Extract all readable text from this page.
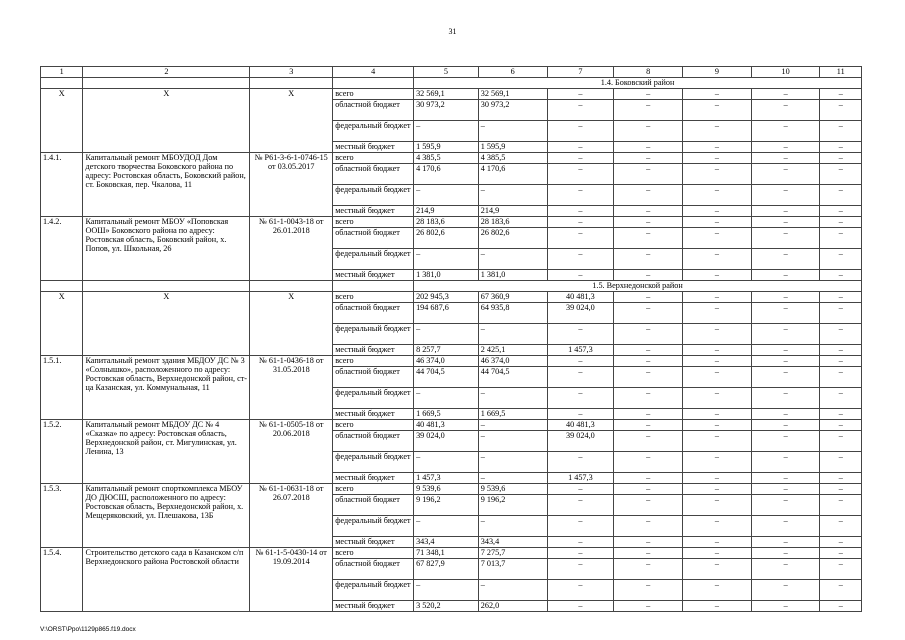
31
1	2	3	4	5	6	7	8	9	10	11
				1.4. Боковский район						
Х	Х	Х	всего	32 569,1	32 569,1	–	–	–	–	–
			областной бюджет	30 973,2	30 973,2	–	–	–	–	–
			федеральный бюджет	–	–	–	–	–	–	–
			местный бюджет	1 595,9	1 595,9	–	–	–	–	–
1.4.1.	Капитальный ремонт МБОУДОД Дом детского творчества Боковского района по адресу: Ростовская область, Боковский район, ст. Боковская, пер. Чкалова, 11	№ Р61-3-6-1-0746-15 от 03.05.2017	всего	4 385,5	4 385,5	–	–	–	–	–
			областной бюджет	4 170,6	4 170,6	–	–	–	–	–
			федеральный бюджет	–	–	–	–	–	–	–
			местный бюджет	214,9	214,9	–	–	–	–	–
1.4.2.	Капитальный ремонт МБОУ «Поповская ООШ» Боковского района по адресу: Ростовская область, Боковский район, х. Попов, ул. Школьная, 26	№ 61-1-0043-18 от 26.01.2018	всего	28 183,6	28 183,6	–	–	–	–	–
			областной бюджет	26 802,6	26 802,6	–	–	–	–	–
			федеральный бюджет	–	–	–	–	–	–	–
			местный бюджет	1 381,0	1 381,0	–	–	–	–	–
				1.5. Верхнедонской район						
Х	Х	Х	всего	202 945,3	67 360,9	40 481,3	–	–	–	–
			областной бюджет	194 687,6	64 935,8	39 024,0	–	–	–	–
			федеральный бюджет	–	–	–	–	–	–	–
			местный бюджет	8 257,7	2 425,1	1 457,3	–	–	–	–
1.5.1.	Капитальный ремонт здания МБДОУ ДС № 3 «Солнышко», расположенного по адресу: Ростовская область, Верхнедонской район, ст-ца Казанская, ул. Коммунальная, 11	№ 61-1-0436-18 от 31.05.2018	всего	46 374,0	46 374,0	–	–	–	–	–
			областной бюджет	44 704,5	44 704,5	–	–	–	–	–
			федеральный бюджет	–	–	–	–	–	–	–
			местный бюджет	1 669,5	1 669,5	–	–	–	–	–
1.5.2.	Капитальный ремонт МБДОУ ДС № 4 «Сказка» по адресу: Ростовская область, Верхнедонской район, ст. Мигулинская, ул. Ленина, 13	№ 61-1-0505-18 от 20.06.2018	всего	40 481,3	–	40 481,3	–	–	–	–
			областной бюджет	39 024,0	–	39 024,0	–	–	–	–
			федеральный бюджет	–	–	–	–	–	–	–
			местный бюджет	1 457,3	–	1 457,3	–	–	–	–
1.5.3.	Капитальный ремонт спорткомплекса МБОУ ДО ДЮСШ, расположенного по адресу: Ростовская область, Верхнедонской район, х. Мещеряковский, ул. Плешакова, 13Б	№ 61-1-0631-18 от 26.07.2018	всего	9 539,6	9 539,6	–	–	–	–	–
			областной бюджет	9 196,2	9 196,2	–	–	–	–	–
			федеральный бюджет	–	–	–	–	–	–	–
			местный бюджет	343,4	343,4	–	–	–	–	–
1.5.4.	Строительство детского сада в Казанском с/п Верхнедонского района Ростовской области	№ 61-1-5-0430-14 от 19.09.2014	всего	71 348,1	7 275,7	–	–	–	–	–
			областной бюджет	67 827,9	7 013,7	–	–	–	–	–
			федеральный бюджет	–	–	–	–	–	–	–
			местный бюджет	3 520,2	262,0	–	–	–	–	–
V:\ORST\Ppo\1129p865.f19.docx
